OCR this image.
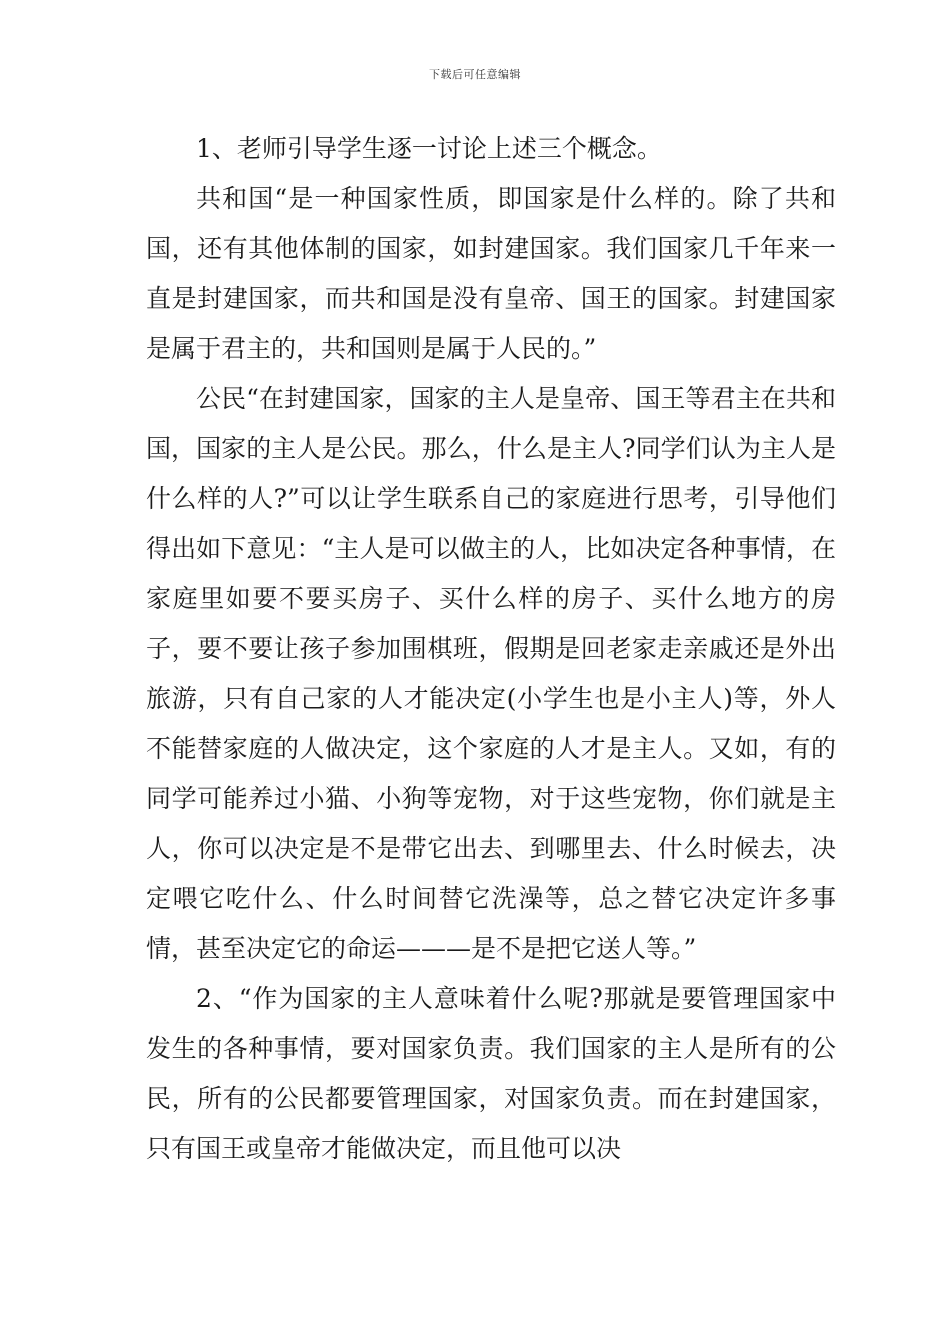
下载后可任意编辑

1、老师引导学生逐一讨论上述三个概念。

共和国“是一种国家性质，即国家是什么样的。除了共和国，还有其他体制的国家，如封建国家。我们国家几千年来一直是封建国家，而共和国是没有皇帝、国王的国家。封建国家是属于君主的，共和国则是属于人民的。”

公民“在封建国家，国家的主人是皇帝、国王等君主在共和国，国家的主人是公民。那么，什么是主人?同学们认为主人是什么样的人?”可以让学生联系自己的家庭进行思考，引导他们得出如下意见：“主人是可以做主的人，比如决定各种事情，在家庭里如要不要买房子、买什么样的房子、买什么地方的房子，要不要让孩子参加围棋班，假期是回老家走亲戚还是外出旅游，只有自己家的人才能决定(小学生也是小主人)等，外人不能替家庭的人做决定，这个家庭的人才是主人。又如，有的同学可能养过小猫、小狗等宠物，对于这些宠物，你们就是主人，你可以决定是不是带它出去、到哪里去、什么时候去，决定喂它吃什么、什么时间替它洗澡等，总之替它决定许多事情，甚至决定它的命运———是不是把它送人等。”

2、“作为国家的主人意味着什么呢?那就是要管理国家中发生的各种事情，要对国家负责。我们国家的主人是所有的公民，所有的公民都要管理国家，对国家负责。而在封建国家，只有国王或皇帝才能做决定，而且他可以决
